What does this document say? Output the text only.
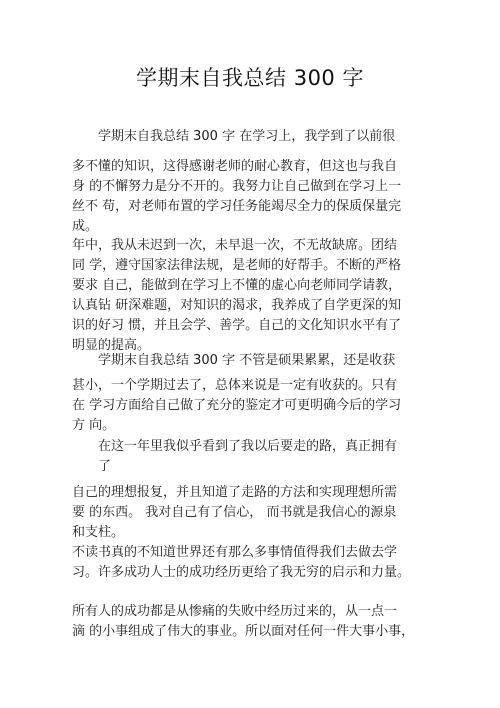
学期末自我总结 300 字

学期末自我总结 300 字 在学习上，我学到了以前很

多不懂的知识，这得感谢老师的耐心教育，但这也与我自
身 的不懈努力是分不开的。我努力让自己做到在学习上一
丝不 苟，对老师布置的学习任务能竭尽全力的保质保量完
成。

年中，我从未迟到一次，未早退一次，不无故缺席。团结
同 学，遵守国家法律法规，是老师的好帮手。不断的严格
要求 自己，能做到在学习上不懂的虚心向老师同学请教，
认真钻 研深难题，对知识的渴求，我养成了自学更深的知
识的好习 惯，并且会学、善学。自己的文化知识水平有了
明显的提高。

学期末自我总结 300 字 不管是硕果累累，还是收获

甚小，一个学期过去了，总体来说是一定有收获的。只有
在 学习方面给自己做了充分的鉴定才可更明确今后的学习
方 向。

在这一年里我似乎看到了我以后要走的路，真正拥有
了

自己的理想报复，并且知道了走路的方法和实现理想所需
要 的东西。 我对自己有了信心， 而书就是我信心的源泉
和支柱。

不读书真的不知道世界还有那么多事情值得我们去做去学
习。许多成功人士的成功经历更给了我无穷的启示和力量。

所有人的成功都是从惨痛的失败中经历过来的，从一点一
滴 的小事组成了伟大的事业。所以面对任何一件大事小事，
